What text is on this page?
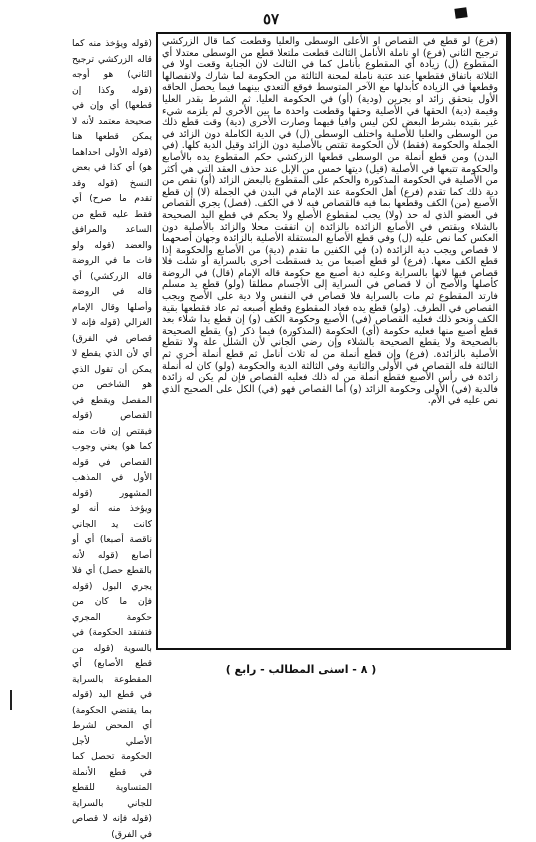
٥٧
(فرع) لو قطع في القصاص او الأعلى الوسطى والعليا وقطعت كما قال الزركشي ترجيح الثاني (فرع) او ناملة الأنامل الثالث قطعت ملتعلا قطع من الوسطى معتدلا أي المقطوع (ل) زيادة أي المقطوع بأنامل كما في الثالث لان الجناية وقعت اولا في الثلاثة باتفاق فقطعها عند عتبة ناملة لمحنة الثالثة من الحكومة لما شارك ولانفصالها وقطعها في الزيادة كأبدلها مع الآخر المتوسط فوقع التعدي بينهما فيما يحصل الحاقه الأول بتحقق زائد او بجرين (ودية) (أو) في الحكومة العليا. ثم الشرط بقدر العليا وقيمة (دية) الحقها في الأصلية وحقها وقطعت واحدة ما بين الأخرى لم يلزمه شيء غير بقيده بشرط البعض لكن ليس وافيا فيهما وصارت الأخرى (دية) وقت قطع ذلك من الوسطى والعليا للأصلية واختلف الوسطى (ل) في الدية الكاملة دون الزائد في الجملة والحكومة (فقط) لأن الحكومة تقتص بالأصلية دون الزائد وقيل الدية كلها. (في البدن) ومن قطع أنملة من الوسطى قطعها الزركشي حكم المقطوع يده بالأصابع والحكومة تتبعها في الأصلية (قيل) ديتها خمس من الإبل عند حذف العقد التي هي أكثر من الأصلية في الحكومة المذكورة والحكم على المقطوع بالبعض الزائد (أو) نقص من دية ذلك كما تقدم (فرع) أهل الحكومة عند الإمام في البدن في الجملة (لا) إن قطع الأصبع (من) الكف وقطعها بما فيه فالقصاص فيه لا في الكف. (فصل) يجري القصاص في العضو الذي له حد (ولا) يجب لمقطوع الأصلع ولا يحكم في قطع اليد الصحيحة بالشلاء ويقتص في الأصابع الزائدة بالزائدة إن اتفقت محلا والزائد بالأصلية دون العكس كما نص عليه (ل) وفي قطع الأصابع المستقلة الأصلية بالزائدة وجهان أصحهما لا قصاص ويجب دية الزائدة (د) في الكفين ما تقدم (دية) من الأصابع والحكومة إذا قطع الكف معها. (فرع) لو قطع أصبعا من يد فسقطت أخرى بالسراية أو شلت فلا قصاص فيها لانها بالسراية وعليه دية أصبع مع حكومة قاله الإمام (قال) في الروضة كأصلها والأصح أن لا قصاص في السراية إلى الأجسام مطلقا (ولو) قطع يد مسلم فارتد المقطوع ثم مات بالسراية فلا قصاص في النفس ولا دية على الأصح ويجب القصاص في الطرف. (ولو) قطع يده فعاد المقطوع وقطع أصبعه ثم عاد فقطعها بقية الكف ونحو ذلك فعليه القصاص (في) الأصبع وحكومة الكف (و) إن قطع يدا شلاء بعد قطع أصبع منها فعليه حكومة (أي) الحكومة (المذكورة) فيما ذكر (و) يقطع الصحيحة بالصحيحة ولا يقطع الصحيحة بالشلاء وإن رضي الجاني لأن الشلل علة ولا تقطع الأصلية بالزائدة. (فرع) وإن قطع أنملة من له ثلاث أنامل ثم قطع أنملة أخرى ثم الثالثة فله القصاص في الأولى والثانية وفي الثالثة الدية والحكومة (ولو) كان له أنملة زائدة في رأس الأصبع فقطع أنملة من له ذلك فعليه القصاص فإن لم يكن له زائدة فالدية (في) الأولى وحكومة الزائد (و) أما القصاص فهو (في) الكل على الصحيح الذي نص عليه في الأم.
(قوله ويؤخذ منه كما قاله الزركشي ترجيح الثاني) هو أوجه (قوله وكذا إن قطعها) أي وإن في صحيحة معتمد لأنه لا يمكن قطعها هنا (قوله الأولى احداهما هو) أي كذا في بعض النسخ (قوله وقد تقدم ما صرح) أي فقط عليه قطع من الساعد والمرافق والعضد (قوله ولو فات ما في الروضة قاله الزركشي) أي قاله في الروضة وأصلها وقال الإمام الغزالي (قوله فإنه لا قصاص في الفرق) أي لأن الذي يقطع لا يمكن أن تقول الذي هو الشاخص من المفصل ويقطع في القصاص (قوله فيقتص إن فات منه كما هو) يعني وجوب القصاص في قوله الأول في المذهب المشهور (قوله ويؤخذ منه أنه لو كانت يد الجاني ناقصة أصبعا) أي أو أصابع (قوله لأنه بالقطع حصل) أي فلا يجري البول (قوله فإن ما كان من حكومة المجري فتفتقد الحكومة) في بالسوية (قوله من قطع الأصابع) أي المقطوعة بالسراية في قطع اليد (قوله بما يقتضي الحكومة) أي المحض لشرط الأصلي لأجل الحكومة تحصل كما في قطع الأنملة المتساوية للقطع للجاني بالسراية (قوله فإنه لا قصاص في الفرق)
( ٨ - اسنى المطالب - رابع )
